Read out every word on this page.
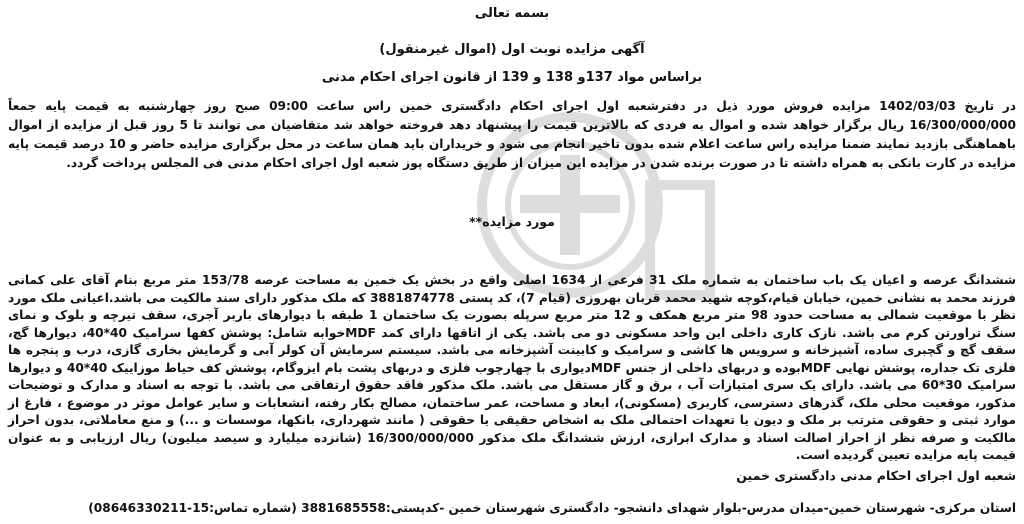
بسمه تعالی
آگهی مزایده نوبت اول (اموال غیرمنقول)
براساس مواد 137و 138 و 139 از قانون اجرای احکام مدنی
در تاریخ 1402/03/03 مزایده فروش مورد ذیل در دفترشعبه اول اجرای احکام دادگستری خمین راس ساعت 09:00 صبح روز چهارشنبه به قیمت پایه جمعاً 16/300/000/000 ریال برگزار خواهد شده و اموال به فردی که بالاترین قیمت را پیشنهاد دهد فروخته خواهد شد متقاضیان می توانند تا 5 روز قبل از مزایده از اموال باهماهنگی بازدید نمایند ضمنا مزایده راس ساعت اعلام شده بدون تاخیر انجام می شود و خریداران باید همان ساعت در محل برگزاری مزایده حاضر و 10 درصد قیمت پایه مزایده در کارت بانکی به همراه داشته تا در صورت برنده شدن در مزایده این میزان از طریق دستگاه پوز شعبه اول اجرای احکام مدنی فی المجلس پرداخت گردد.
مورد مزایده**
ششدانگ عرصه و اعیان یک باب ساختمان به شماره ملک 31 فرعی از 1634 اصلی واقع در بخش یک خمین به مساحت عرصه 153/78 متر مربع بنام آقای علی کمانی فرزند محمد به نشانی خمین، خیابان قیام،کوچه شهید محمد قربان بهروزی (قیام 7)، کد پستی 3881874778 که ملک مذکور دارای سند مالکیت می باشد.اعیانی ملک مورد نظر با موقعیت شمالی به مساحت حدود 98 متر مربع همکف و 12 متر مربع سرپله بصورت یک ساختمان 1 طبقه با دیوارهای باربر آجری، سقف تیرچه و بلوک و نمای سنگ تراورتن کرم می باشد. نازک کاری داخلی این واحد مسکونی دو می باشد. یکی از اتاقها دارای کمد MDFخوابه شامل: پوشش کفها سرامیک 40*40، دیوارها گچ، سقف گچ و گچبری ساده، آشپزخانه و سرویس ها کاشی و سرامیک و کابینت آشپزخانه می باشد. سیستم سرمایش آن کولر آبی و گرمایش بخاری گازی، درب و پنجره ها فلزی تک جداره، پوشش نهایی MDFبوده و دربهای داخلی از جنس MDFدیواری با چهارچوب فلزی و دربهای پشت بام ایزوگام، پوشش کف حیاط موزاییک 40*40 و دیوارها سرامیک 30*60 می باشد. دارای یک سری امتیازات آب ، برق و گاز مستقل می باشد. ملک مذکور فاقد حقوق ارتفاقی می باشد. با توجه به اسناد و مدارک و توضیحات مذکور، موقعیت محلی ملک، گذرهای دسترسی، کاربری (مسکونی)، ابعاد و مساحت، عمر ساختمان، مصالح بکار رفته، انشعابات و سایر عوامل موثر در موضوع ، فارغ از موارد ثبتی و حقوقی مترتب بر ملک و دیون یا تعهدات احتمالی ملک به اشخاص حقیقی یا حقوقی ( مانند شهرداری، بانکها، موسسات و ...) و منع معاملاتی، بدون احراز مالکیت و صرفه نظر از احراز اصالت اسناد و مدارک ابرازی، ارزش ششدانگ ملک مذکور 16/300/000/000 (شانزده میلیارد و سیصد میلیون) ریال ارزیابی و به عنوان قیمت پایه مزایده تعیین گردیده است.
شعبه اول اجرای احکام مدنی دادگستری خمین
استان مرکزی- شهرستان خمین-میدان مدرس-بلوار شهدای دانشجو- دادگستری شهرستان خمین -کدپستی:3881685558 (شماره تماس:15-08646330211)
